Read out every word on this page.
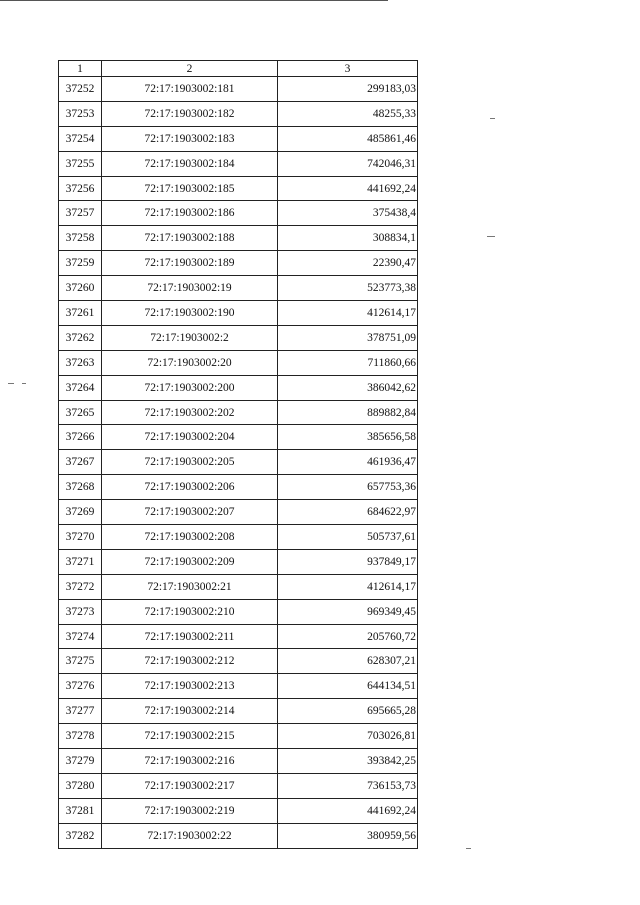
1	2	3
37252	72:17:1903002:181	299183,03
37253	72:17:1903002:182	48255,33
37254	72:17:1903002:183	485861,46
37255	72:17:1903002:184	742046,31
37256	72:17:1903002:185	441692,24
37257	72:17:1903002:186	375438,4
37258	72:17:1903002:188	308834,1
37259	72:17:1903002:189	22390,47
37260	72:17:1903002:19	523773,38
37261	72:17:1903002:190	412614,17
37262	72:17:1903002:2	378751,09
37263	72:17:1903002:20	711860,66
37264	72:17:1903002:200	386042,62
37265	72:17:1903002:202	889882,84
37266	72:17:1903002:204	385656,58
37267	72:17:1903002:205	461936,47
37268	72:17:1903002:206	657753,36
37269	72:17:1903002:207	684622,97
37270	72:17:1903002:208	505737,61
37271	72:17:1903002:209	937849,17
37272	72:17:1903002:21	412614,17
37273	72:17:1903002:210	969349,45
37274	72:17:1903002:211	205760,72
37275	72:17:1903002:212	628307,21
37276	72:17:1903002:213	644134,51
37277	72:17:1903002:214	695665,28
37278	72:17:1903002:215	703026,81
37279	72:17:1903002:216	393842,25
37280	72:17:1903002:217	736153,73
37281	72:17:1903002:219	441692,24
37282	72:17:1903002:22	380959,56
